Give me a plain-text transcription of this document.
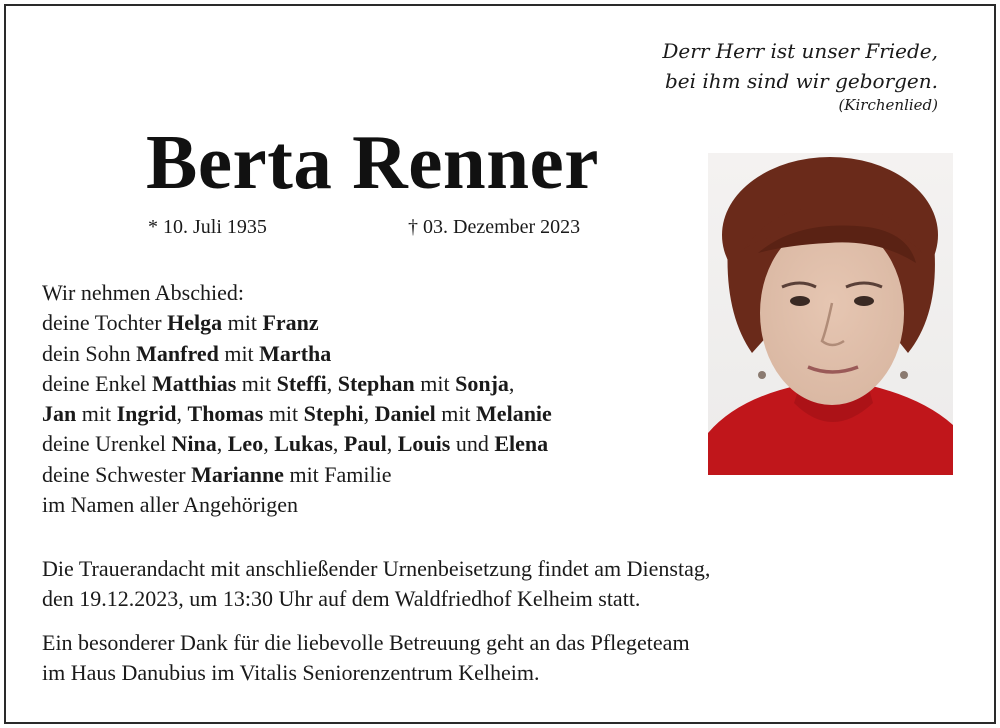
Derr Herr ist unser Friede,
bei ihm sind wir geborgen.
(Kirchenlied)
Berta Renner
* 10. Juli 1935	† 03. Dezember 2023
Wir nehmen Abschied:
deine Tochter Helga mit Franz
dein Sohn Manfred mit Martha
deine Enkel Matthias mit Steffi, Stephan mit Sonja,
Jan mit Ingrid, Thomas mit Stephi, Daniel mit Melanie
deine Urenkel Nina, Leo, Lukas, Paul, Louis und Elena
deine Schwester Marianne mit Familie
im Namen aller Angehörigen
Die Trauerandacht mit anschließender Urnenbeisetzung findet am Dienstag,
den 19.12.2023, um 13:30 Uhr auf dem Waldfriedhof Kelheim statt.
Ein besonderer Dank für die liebevolle Betreuung geht an das Pflegeteam
im Haus Danubius im Vitalis Seniorenzentrum Kelheim.
